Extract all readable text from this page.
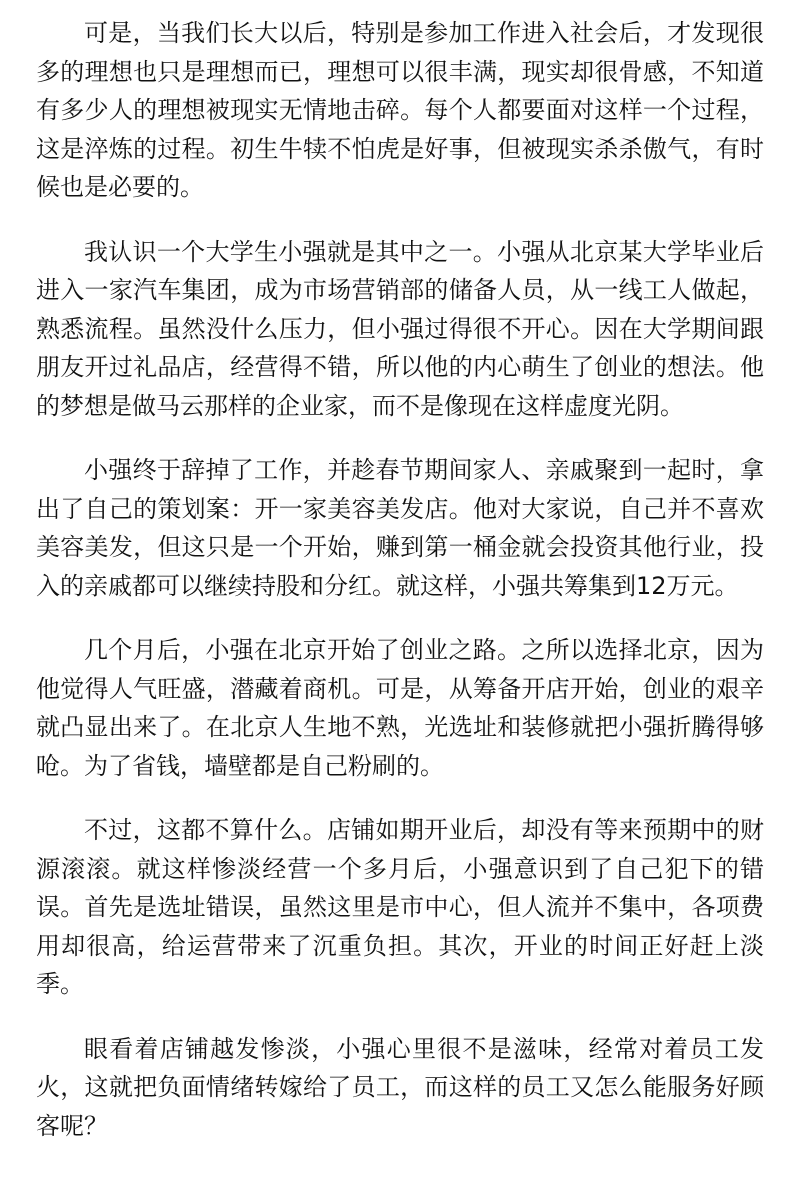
可是，当我们长大以后，特别是参加工作进入社会后，才发现很多的理想也只是理想而已，理想可以很丰满，现实却很骨感，不知道有多少人的理想被现实无情地击碎。每个人都要面对这样一个过程，这是淬炼的过程。初生牛犊不怕虎是好事，但被现实杀杀傲气，有时候也是必要的。

我认识一个大学生小强就是其中之一。小强从北京某大学毕业后进入一家汽车集团，成为市场营销部的储备人员，从一线工人做起，熟悉流程。虽然没什么压力，但小强过得很不开心。因在大学期间跟朋友开过礼品店，经营得不错，所以他的内心萌生了创业的想法。他的梦想是做马云那样的企业家，而不是像现在这样虚度光阴。

小强终于辞掉了工作，并趁春节期间家人、亲戚聚到一起时，拿出了自己的策划案：开一家美容美发店。他对大家说，自己并不喜欢美容美发，但这只是一个开始，赚到第一桶金就会投资其他行业，投入的亲戚都可以继续持股和分红。就这样，小强共筹集到12万元。

几个月后，小强在北京开始了创业之路。之所以选择北京，因为他觉得人气旺盛，潜藏着商机。可是，从筹备开店开始，创业的艰辛就凸显出来了。在北京人生地不熟，光选址和装修就把小强折腾得够呛。为了省钱，墙壁都是自己粉刷的。

不过，这都不算什么。店铺如期开业后，却没有等来预期中的财源滚滚。就这样惨淡经营一个多月后，小强意识到了自己犯下的错误。首先是选址错误，虽然这里是市中心，但人流并不集中，各项费用却很高，给运营带来了沉重负担。其次，开业的时间正好赶上淡季。

眼看着店铺越发惨淡，小强心里很不是滋味，经常对着员工发火，这就把负面情绪转嫁给了员工，而这样的员工又怎么能服务好顾客呢？
